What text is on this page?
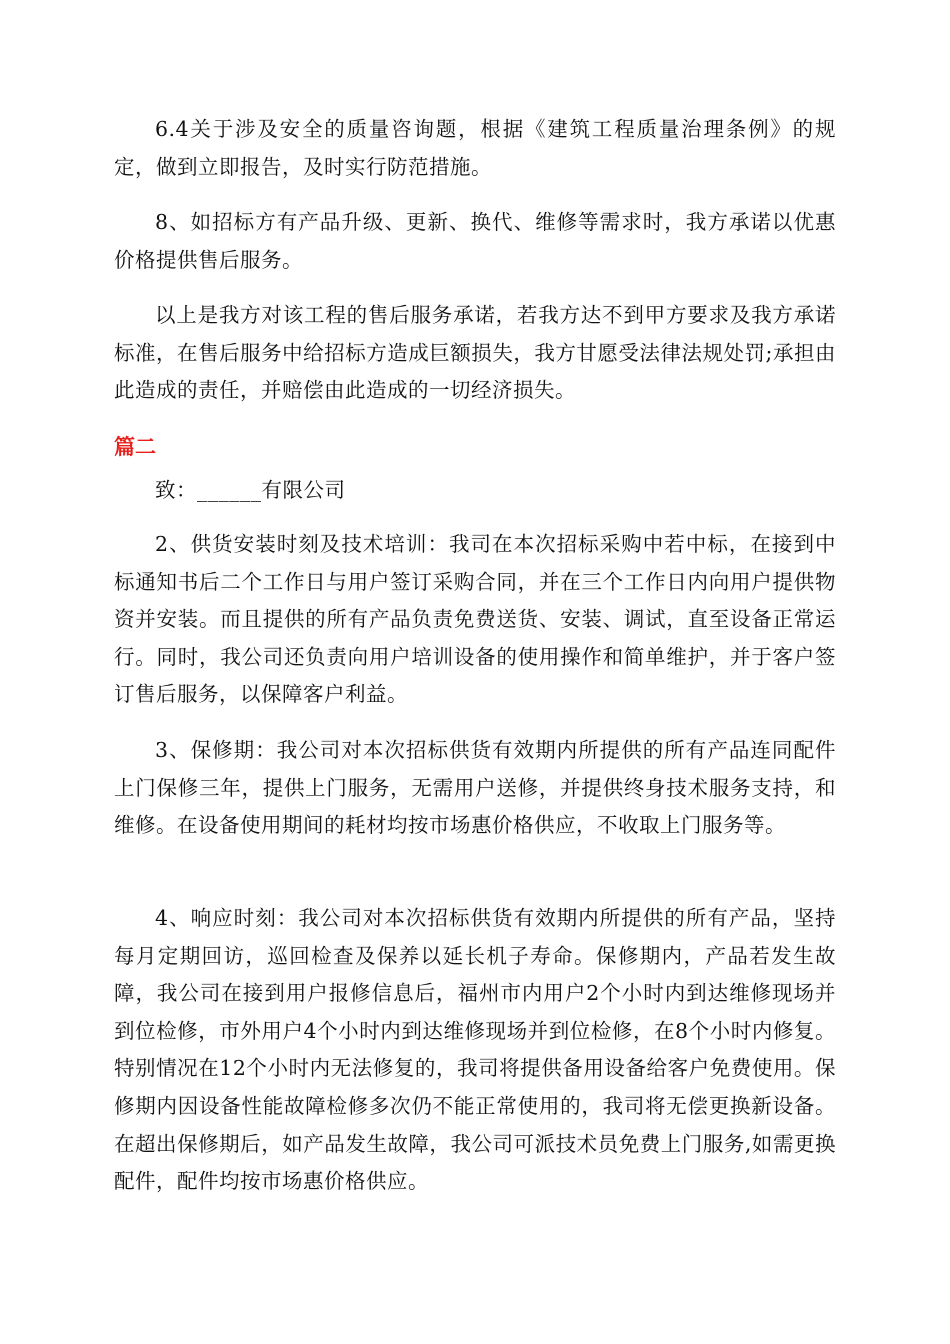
6.4关于涉及安全的质量咨询题，根据《建筑工程质量治理条例》的规定，做到立即报告，及时实行防范措施。

8、如招标方有产品升级、更新、换代、维修等需求时，我方承诺以优惠价格提供售后服务。

以上是我方对该工程的售后服务承诺，若我方达不到甲方要求及我方承诺标准，在售后服务中给招标方造成巨额损失，我方甘愿受法律法规处罚;承担由此造成的责任，并赔偿由此造成的一切经济损失。

篇二

致：______有限公司

2、供货安装时刻及技术培训：我司在本次招标采购中若中标，在接到中标通知书后二个工作日与用户签订采购合同，并在三个工作日内向用户提供物资并安装。而且提供的所有产品负责免费送货、安装、调试，直至设备正常运行。同时，我公司还负责向用户培训设备的使用操作和简单维护，并于客户签订售后服务，以保障客户利益。

3、保修期：我公司对本次招标供货有效期内所提供的所有产品连同配件上门保修三年，提供上门服务，无需用户送修，并提供终身技术服务支持，和维修。在设备使用期间的耗材均按市场惠价格供应，不收取上门服务等。

4、响应时刻：我公司对本次招标供货有效期内所提供的所有产品，坚持每月定期回访，巡回检查及保养以延长机子寿命。保修期内，产品若发生故障，我公司在接到用户报修信息后，福州市内用户2个小时内到达维修现场并到位检修，市外用户4个小时内到达维修现场并到位检修，在8个小时内修复。特别情况在12个小时内无法修复的，我司将提供备用设备给客户免费使用。保修期内因设备性能故障检修多次仍不能正常使用的，我司将无偿更换新设备。在超出保修期后，如产品发生故障，我公司可派技术员免费上门服务,如需更换配件，配件均按市场惠价格供应。
